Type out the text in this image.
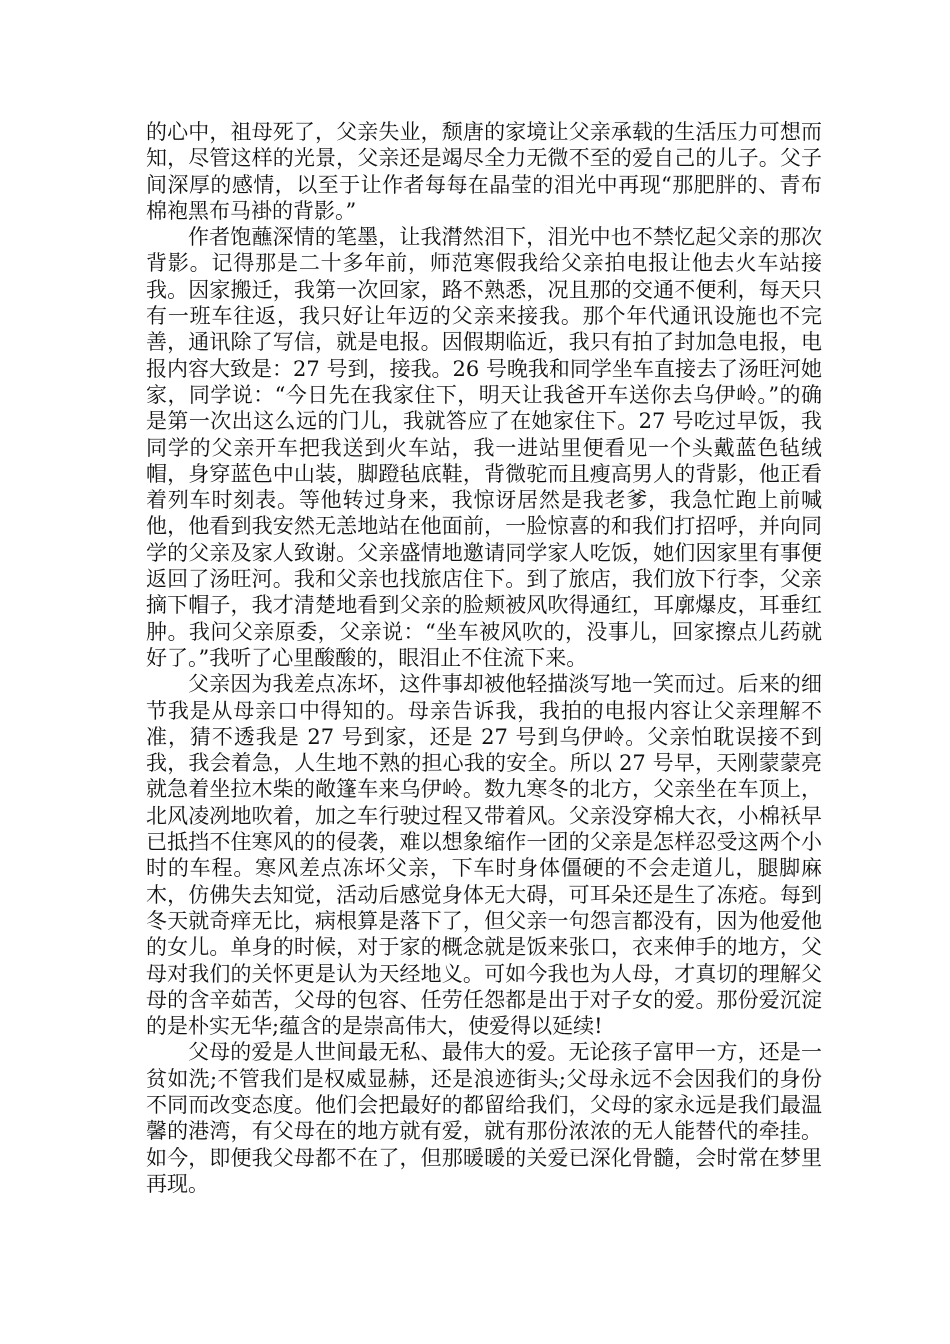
的心中，祖母死了，父亲失业，颓唐的家境让父亲承载的生活压力可想而知，尽管这样的光景，父亲还是竭尽全力无微不至的爱自己的儿子。父子间深厚的感情，以至于让作者每每在晶莹的泪光中再现“那肥胖的、青布棉袍黑布马褂的背影。”

作者饱蘸深情的笔墨，让我潸然泪下，泪光中也不禁忆起父亲的那次背影。记得那是二十多年前，师范寒假我给父亲拍电报让他去火车站接我。因家搬迁，我第一次回家，路不熟悉，况且那的交通不便利，每天只有一班车往返，我只好让年迈的父亲来接我。那个年代通讯设施也不完善，通讯除了写信，就是电报。因假期临近，我只有拍了封加急电报，电报内容大致是：27 号到，接我。26 号晚我和同学坐车直接去了汤旺河她家，同学说：“今日先在我家住下，明天让我爸开车送你去乌伊岭。”的确是第一次出这么远的门儿，我就答应了在她家住下。27 号吃过早饭，我同学的父亲开车把我送到火车站，我一进站里便看见一个头戴蓝色毡绒帽，身穿蓝色中山装，脚蹬毡底鞋，背微驼而且瘦高男人的背影，他正看着列车时刻表。等他转过身来，我惊讶居然是我老爹，我急忙跑上前喊他，他看到我安然无恙地站在他面前，一脸惊喜的和我们打招呼，并向同学的父亲及家人致谢。父亲盛情地邀请同学家人吃饭，她们因家里有事便返回了汤旺河。我和父亲也找旅店住下。到了旅店，我们放下行李，父亲摘下帽子，我才清楚地看到父亲的脸颊被风吹得通红，耳廓爆皮，耳垂红肿。我问父亲原委，父亲说：“坐车被风吹的，没事儿，回家擦点儿药就好了。”我听了心里酸酸的，眼泪止不住流下来。

父亲因为我差点冻坏，这件事却被他轻描淡写地一笑而过。后来的细节我是从母亲口中得知的。母亲告诉我，我拍的电报内容让父亲理解不准，猜不透我是 27 号到家，还是 27 号到乌伊岭。父亲怕耽误接不到我，我会着急，人生地不熟的担心我的安全。所以 27 号早，天刚蒙蒙亮就急着坐拉木柴的敞篷车来乌伊岭。数九寒冬的北方，父亲坐在车顶上，北风凌冽地吹着，加之车行驶过程又带着风。父亲没穿棉大衣，小棉袄早已抵挡不住寒风的的侵袭，难以想象缩作一团的父亲是怎样忍受这两个小时的车程。寒风差点冻坏父亲，下车时身体僵硬的不会走道儿，腿脚麻木，仿佛失去知觉，活动后感觉身体无大碍，可耳朵还是生了冻疮。每到冬天就奇痒无比，病根算是落下了，但父亲一句怨言都没有，因为他爱他的女儿。单身的时候，对于家的概念就是饭来张口，衣来伸手的地方，父母对我们的关怀更是认为天经地义。可如今我也为人母，才真切的理解父母的含辛茹苦，父母的包容、任劳任怨都是出于对子女的爱。那份爱沉淀的是朴实无华;蕴含的是崇高伟大，使爱得以延续!

父母的爱是人世间最无私、最伟大的爱。无论孩子富甲一方，还是一贫如洗;不管我们是权威显赫，还是浪迹街头;父母永远不会因我们的身份不同而改变态度。他们会把最好的都留给我们，父母的家永远是我们最温馨的港湾，有父母在的地方就有爱，就有那份浓浓的无人能替代的牵挂。如今，即便我父母都不在了，但那暖暖的关爱已深化骨髓，会时常在梦里再现。
